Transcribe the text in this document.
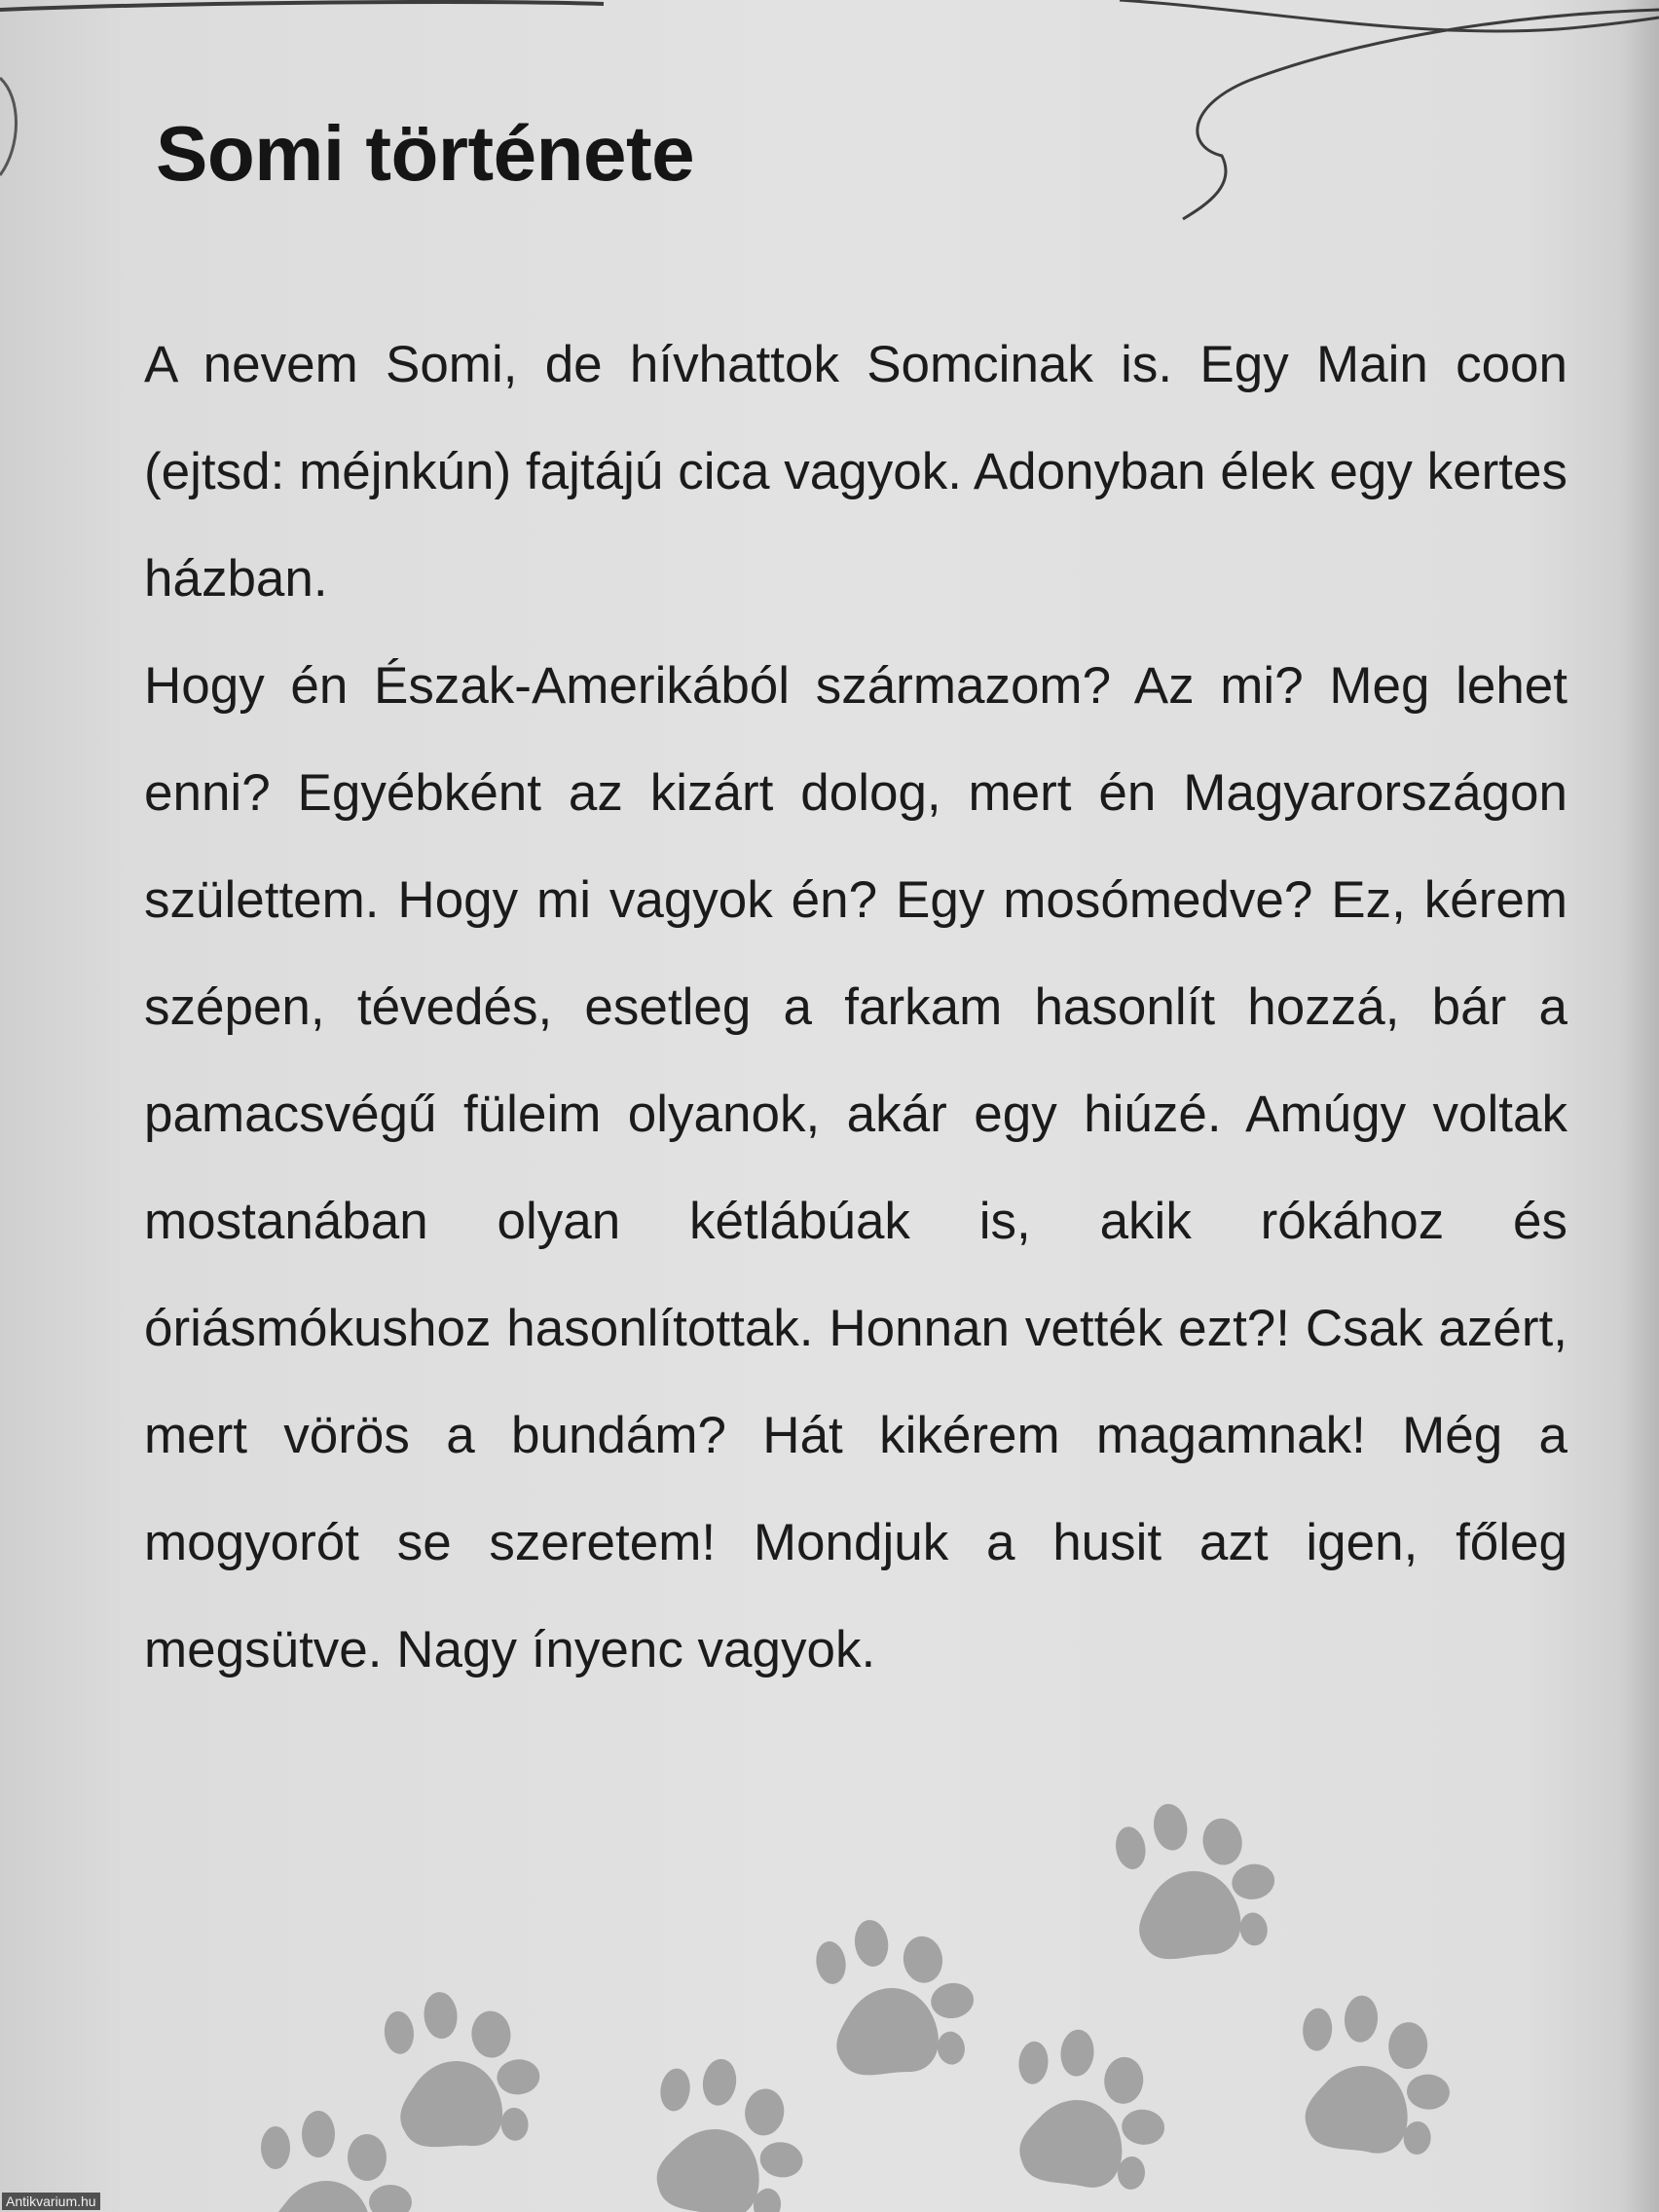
Somi története

A nevem Somi, de hívhattok Somcinak is. Egy Main coon (ejtsd: méjnkún) fajtájú cica vagyok. Adonyban élek egy kertes házban.

Hogy én Észak-Amerikából származom? Az mi? Meg lehet enni? Egyébként az kizárt dolog, mert én Magyarországon születtem. Hogy mi vagyok én? Egy mosómedve? Ez, kérem szépen, tévedés, esetleg a farkam hasonlít hozzá, bár a pamacsvégű füleim olyanok, akár egy hiúzé. Amúgy voltak mostanában olyan kétlábúak is, akik rókához és óriásmókushoz hasonlítottak. Honnan vették ezt?! Csak azért, mert vörös a bundám? Hát kikérem magamnak! Még a mogyorót se szeretem! Mondjuk a husit azt igen, főleg megsütve. Nagy ínyenc vagyok.

Antikvarium.hu
